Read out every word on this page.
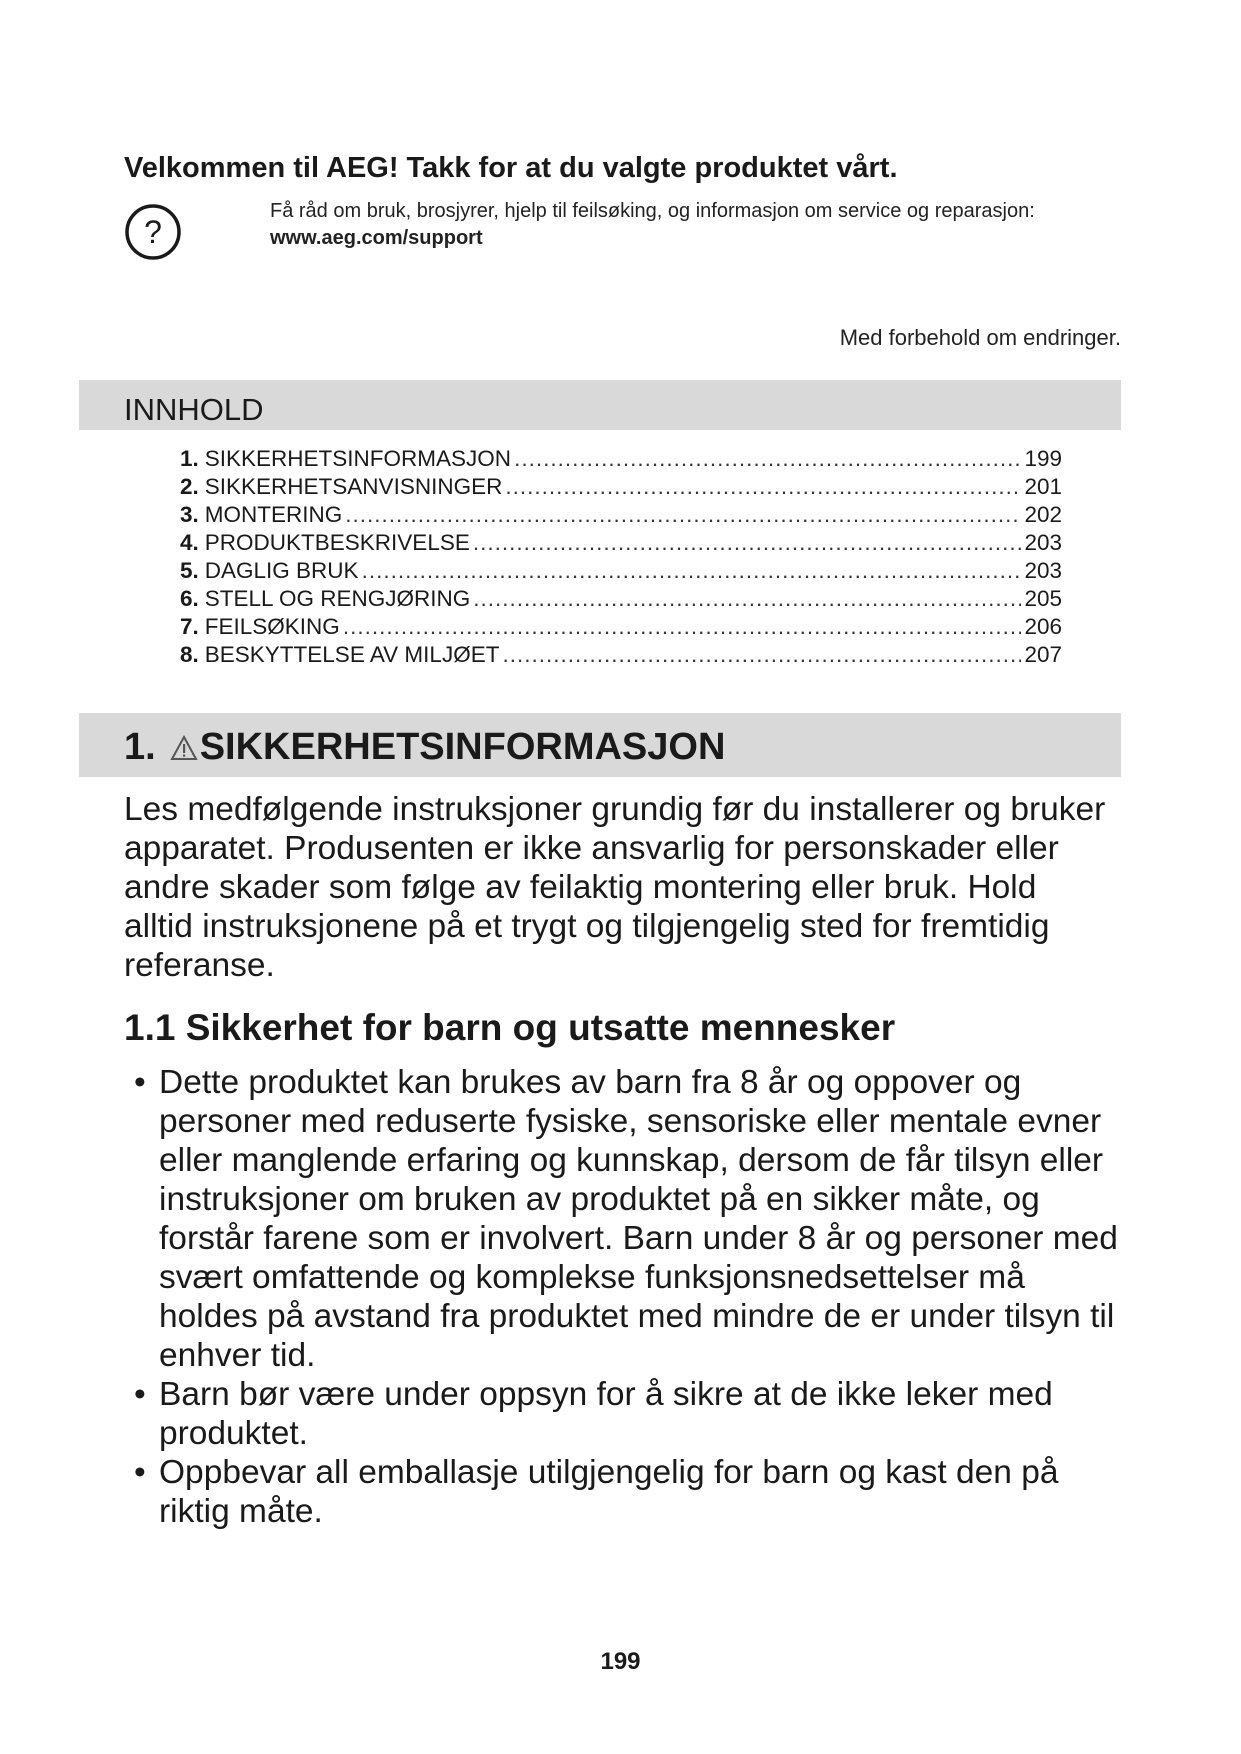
Velkommen til AEG! Takk for at du valgte produktet vårt.
?
Få råd om bruk, brosjyrer, hjelp til feilsøking, og informasjon om service og reparasjon:
www.aeg.com/support
Med forbehold om endringer.
INNHOLD
1. SIKKERHETSINFORMASJON .....	199
2. SIKKERHETSANVISNINGER .....	201
3. MONTERING .....	202
4. PRODUKTBESKRIVELSE .....	203
5. DAGLIG BRUK .....	203
6. STELL OG RENGJØRING .....	205
7. FEILSØKING .....	206
8. BESKYTTELSE AV MILJØET .....	207
1. SIKKERHETSINFORMASJON

Les medfølgende instruksjoner grundig før du installerer og bruker apparatet. Produsenten er ikke ansvarlig for personskader eller andre skader som følge av feilaktig montering eller bruk. Hold alltid instruksjonene på et trygt og tilgjengelig sted for fremtidig referanse.

1.1 Sikkerhet for barn og utsatte mennesker
• Dette produktet kan brukes av barn fra 8 år og oppover og personer med reduserte fysiske, sensoriske eller mentale evner eller manglende erfaring og kunnskap, dersom de får tilsyn eller instruksjoner om bruken av produktet på en sikker måte, og forstår farene som er involvert. Barn under 8 år og personer med svært omfattende og komplekse funksjonsnedsettelser må holdes på avstand fra produktet med mindre de er under tilsyn til enhver tid.
• Barn bør være under oppsyn for å sikre at de ikke leker med produktet.
• Oppbevar all emballasje utilgjengelig for barn og kast den på riktig måte.
199
